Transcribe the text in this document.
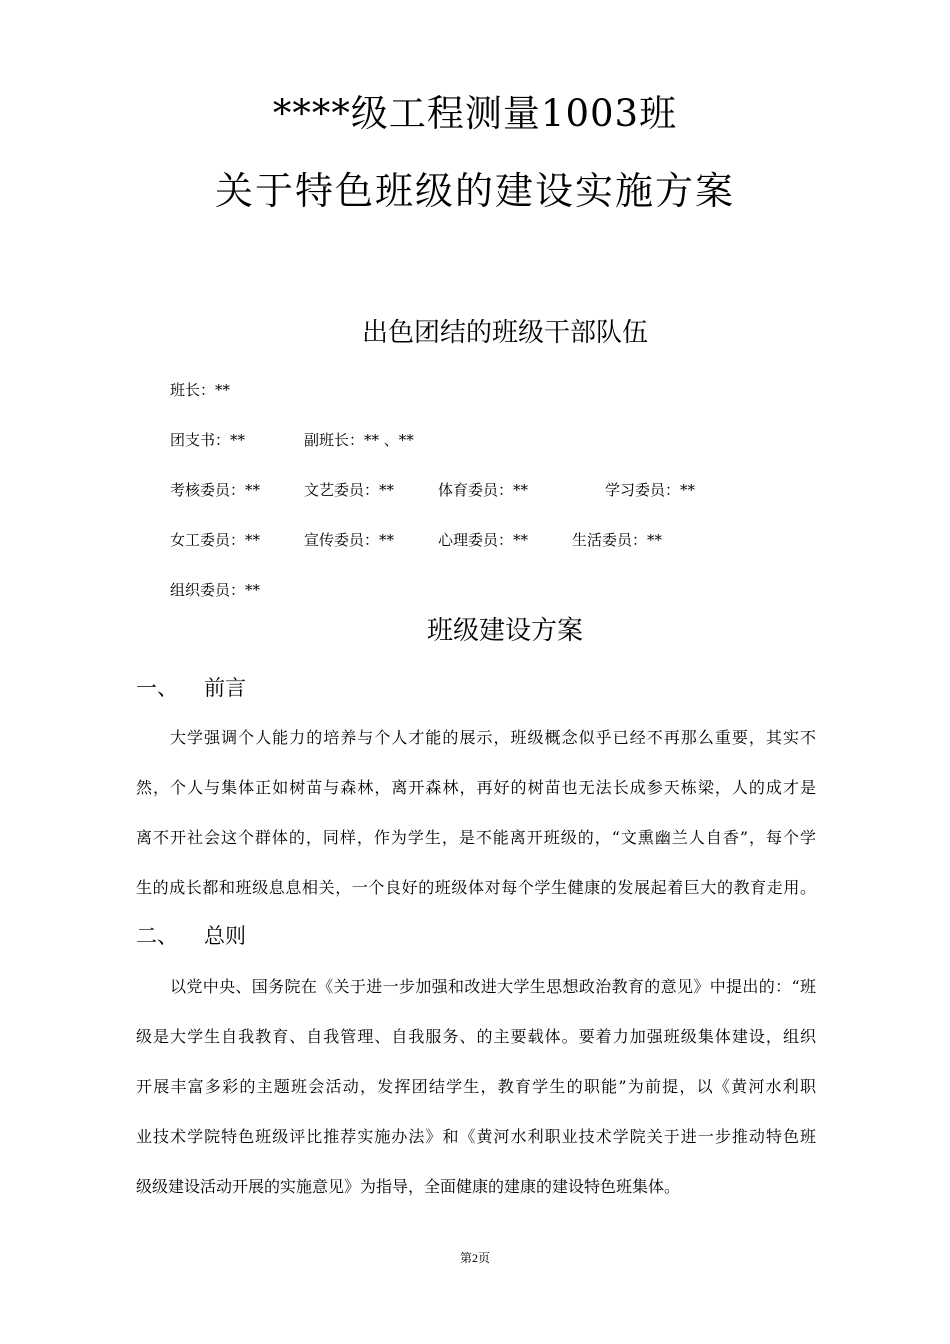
****级工程测量1003班
关于特色班级的建设实施方案
出色团结的班级干部队伍
班长：**
团支书：**	副班长：** 、**
考核委员：**	文艺委员：**	体育委员：**	学习委员：**
女工委员：**	宣传委员：**	心理委员：**	生活委员：**
组织委员：**
班级建设方案
一、 前言
大学强调个人能力的培养与个人才能的展示，班级概念似乎已经不再那么重要，其实不
然，个人与集体正如树苗与森林，离开森林，再好的树苗也无法长成参天栋梁，人的成才是
离不开社会这个群体的，同样，作为学生，是不能离开班级的，“文熏幽兰人自香”，每个学
生的成长都和班级息息相关，一个良好的班级体对每个学生健康的发展起着巨大的教育走用。
二、 总则
以党中央、国务院在《关于进一步加强和改进大学生思想政治教育的意见》中提出的：“班
级是大学生自我教育、自我管理、自我服务、的主要载体。要着力加强班级集体建设，组织
开展丰富多彩的主题班会活动，发挥团结学生，教育学生的职能”为前提，以《黄河水利职
业技术学院特色班级评比推荐实施办法》和《黄河水利职业技术学院关于进一步推动特色班
级级建设活动开展的实施意见》为指导，全面健康的建康的建设特色班集体。
第2页
